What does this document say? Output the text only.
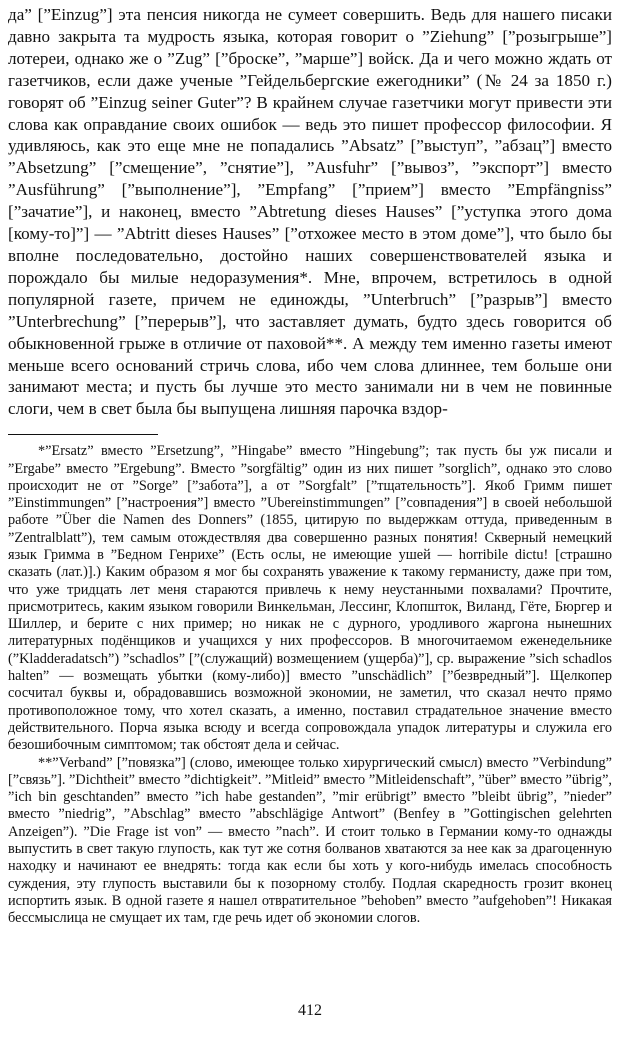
да” [”Einzug”] эта пенсия никогда не сумеет совершить. Ведь для нашего писаки давно закрыта та мудрость языка, которая говорит о ”Ziehung” [”розыгрыше”] лотереи, однако же о ”Zug” [”броске”, ”марше”] войск. Да и чего можно ждать от газетчиков, если даже ученые ”Гейдельбергские ежегодники” (№ 24 за 1850 г.) говорят об ”Einzug seiner Guter”? В крайнем случае газетчики могут привести эти слова как оправдание своих ошибок — ведь это пишет профессор философии. Я удивляюсь, как это еще мне не попадались ”Absatz” [”выступ”, ”абзац”] вместо ”Absetzung” [”смещение”, ”снятие”], ”Ausfuhr” [”вывоз”, ”экспорт”] вместо ”Ausführung” [”выполнение”], ”Empfang” [”прием”] вместо ”Empfängniss” [”зачатие”], и наконец, вместо ”Abtretung dieses Hauses” [”уступка этого дома [кому-то]”] — ”Abtritt dieses Hauses” [”отхожее место в этом доме”], что было бы вполне последовательно, достойно наших совершенствователей языка и порождало бы милые недоразумения*. Мне, впрочем, встретилось в одной популярной газете, причем не единожды, ”Unterbruch” [”разрыв”] вместо ”Unterbrechung” [”перерыв”], что заставляет думать, будто здесь говорится об обыкновенной грыже в отличие от паховой**. А между тем именно газеты имеют меньше всего оснований стричь слова, ибо чем слова длиннее, тем больше они занимают места; и пусть бы лучше это место занимали ни в чем не повинные слоги, чем в свет была бы выпущена лишняя парочка вздор-

*”Ersatz” вместо ”Ersetzung”, ”Hingabe” вместо ”Hingebung”; так пусть бы уж писали и ”Ergabe” вместо ”Ergebung”. Вместо ”sorgfältig” один из них пишет ”sorglich”, однако это слово происходит не от ”Sorge” [”забота”], а от ”Sorgfalt” [”тщательность”]. Якоб Гримм пишет ”Einstimmungen” [”настроения”] вместо ”Ubereinstimmungen” [”совпадения”] в своей небольшой работе ”Über die Namen des Donners” (1855, цитирую по выдержкам оттуда, приведенным в ”Zentralblatt”), тем самым отождествляя два совершенно разных понятия! Скверный немецкий язык Гримма в ”Бедном Генрихе” (Есть ослы, не имеющие ушей — horribile dictu! [страшно сказать (лат.)].) Каким образом я мог бы сохранять уважение к такому германисту, даже при том, что уже тридцать лет меня стараются привлечь к нему неустанными похвалами? Прочтите, присмотритесь, каким языком говорили Винкельман, Лессинг, Клопшток, Виланд, Гёте, Бюргер и Шиллер, и берите с них пример; но никак не с дурного, уродливого жаргона нынешних литературных подёнщиков и учащихся у них профессоров. В многочитаемом еженедельнике (”Kladderadatsch”) ”schadlos” [”(служащий) возмещением (ущерба)”], ср. выражение ”sich schadlos halten” — возмещать убытки (кому-либо)] вместо ”unschädlich” [”безвредный”]. Щелкопер сосчитал буквы и, обрадовавшись возможной экономии, не заметил, что сказал нечто прямо противоположное тому, что хотел сказать, а именно, поставил страдательное значение вместо действительного. Порча языка всюду и всегда сопровождала упадок литературы и служила его безошибочным симптомом; так обстоят дела и сейчас.

**”Verband” [”повязка”] (слово, имеющее только хирургический смысл) вместо ”Verbindung” [”связь”]. ”Dichtheit” вместо ”dichtigkeit”. ”Mitleid” вместо ”Mitleidenschaft”, ”über” вместо ”übrig”, ”ich bin geschtanden” вместо ”ich habe gestanden”, ”mir erübrigt” вместо ”bleibt übrig”, ”nieder” вместо ”niedrig”, ”Abschlag” вместо ”abschlägige Antwort” (Benfey в ”Gottingischen gelehrten Anzeigen”). ”Die Frage ist von” — вместо ”nach”. И стоит только в Германии кому-то однажды выпустить в свет такую глупость, как тут же сотня болванов хватаются за нее как за драгоценную находку и начинают ее внедрять: тогда как если бы хоть у кого-нибудь имелась способность суждения, эту глупость выставили бы к позорному столбу. Подлая скаредность грозит вконец испортить язык. В одной газете я нашел отвратительное ”behoben” вместо ”aufgehoben”! Никакая бессмыслица не смущает их там, где речь идет об экономии слогов.

412
